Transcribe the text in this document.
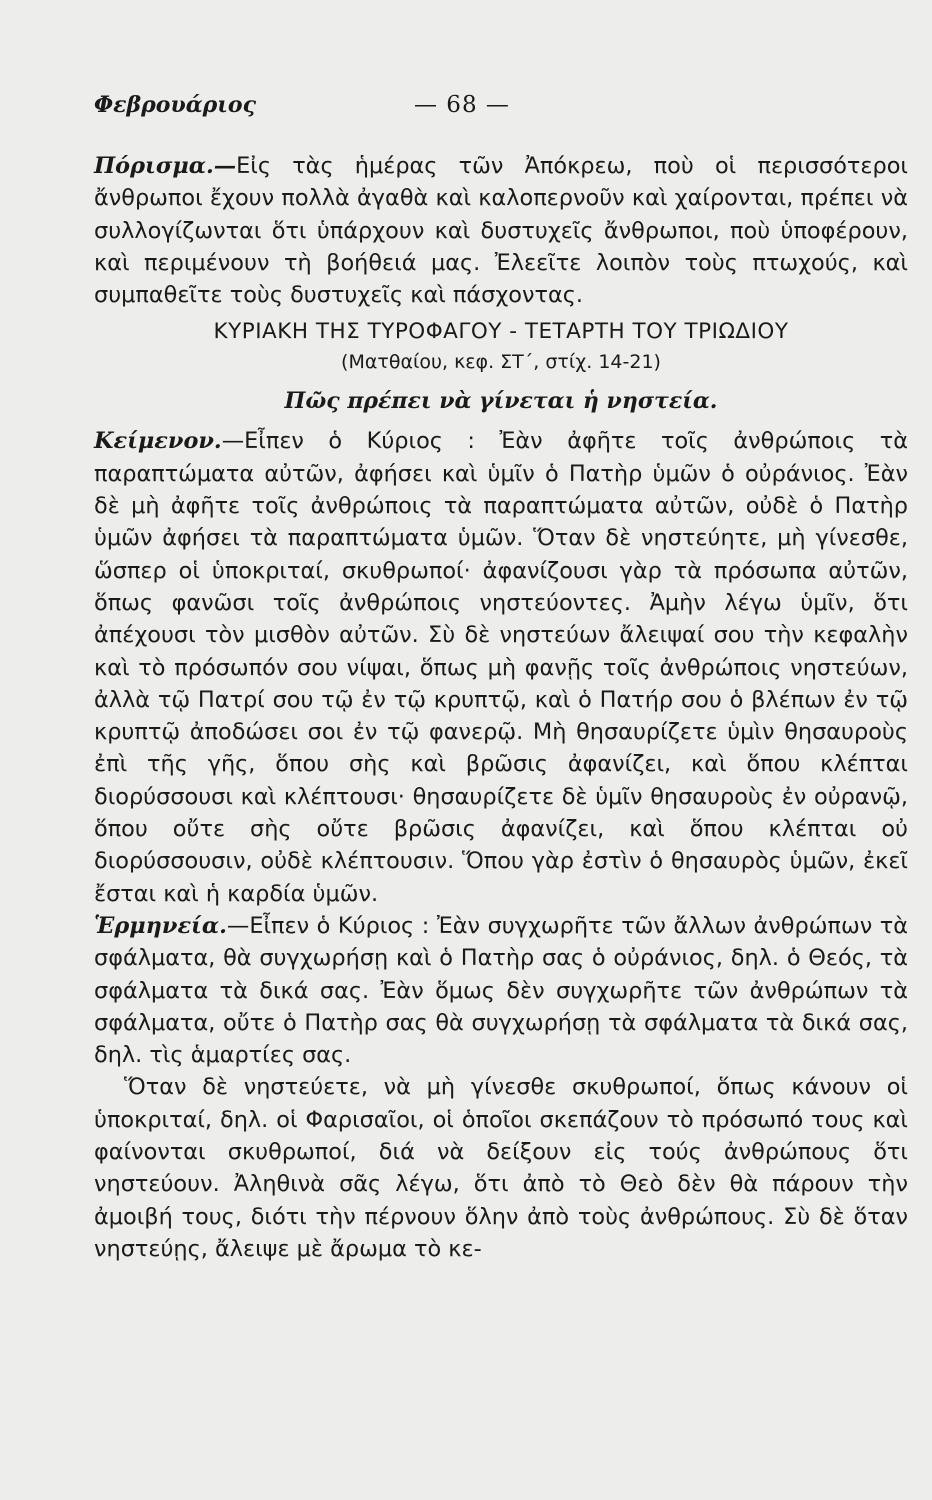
Φεβρουάριος	— 68 —

Πόρισμα.—Εἰς τὰς ἡμέρας τῶν Ἀπόκρεω, ποὺ οἱ περισσότεροι ἄνθρωποι ἔχουν πολλὰ ἀγαθὰ καὶ καλοπερνοῦν καὶ χαίρονται, πρέπει νὰ συλλογίζωνται ὅτι ὑπάρχουν καὶ δυστυχεῖς ἄνθρωποι, ποὺ ὑποφέρουν, καὶ περιμένουν τὴ βοήθειά μας. Ἐλεεῖτε λοιπὸν τοὺς πτωχούς, καὶ συμπαθεῖτε τοὺς δυστυχεῖς καὶ πάσχοντας.

ΚΥΡΙΑΚΗ ΤΗΣ ΤΥΡΟΦΑΓΟΥ - ΤΕΤΑΡΤΗ ΤΟΥ ΤΡΙΩΔΙΟΥ

(Ματθαίου, κεφ. ΣΤ΄, στίχ. 14-21)

Πῶς πρέπει νὰ γίνεται ἡ νηστεία.

Κείμενον.—Εἶπεν ὁ Κύριος : Ἐὰν ἀφῆτε τοῖς ἀνθρώποις τὰ παραπτώματα αὐτῶν, ἀφήσει καὶ ὑμῖν ὁ Πατὴρ ὑμῶν ὁ οὐράνιος. Ἐὰν δὲ μὴ ἀφῆτε τοῖς ἀνθρώποις τὰ παραπτώματα αὐτῶν, οὐδὲ ὁ Πατὴρ ὑμῶν ἀφήσει τὰ παραπτώματα ὑμῶν. Ὅταν δὲ νηστεύητε, μὴ γίνεσθε, ὥσπερ οἱ ὑποκριταί, σκυθρωποί· ἀφανίζουσι γὰρ τὰ πρόσωπα αὐτῶν, ὅπως φανῶσι τοῖς ἀνθρώποις νηστεύοντες. Ἀμὴν λέγω ὑμῖν, ὅτι ἀπέχουσι τὸν μισθὸν αὐτῶν. Σὺ δὲ νηστεύων ἄλειψαί σου τὴν κεφαλὴν καὶ τὸ πρόσωπόν σου νίψαι, ὅπως μὴ φανῇς τοῖς ἀνθρώποις νηστεύων, ἀλλὰ τῷ Πατρί σου τῷ ἐν τῷ κρυπτῷ, καὶ ὁ Πατήρ σου ὁ βλέπων ἐν τῷ κρυπτῷ ἀποδώσει σοι ἐν τῷ φανερῷ. Μὴ θησαυρίζετε ὑμὶν θησαυροὺς ἐπὶ τῆς γῆς, ὅπου σὴς καὶ βρῶσις ἀφανίζει, καὶ ὅπου κλέπται διορύσσουσι καὶ κλέπτουσι· θησαυρίζετε δὲ ὑμῖν θησαυροὺς ἐν οὐρανῷ, ὅπου οὔτε σὴς οὔτε βρῶσις ἀφανίζει, καὶ ὅπου κλέπται οὐ διορύσσουσιν, οὐδὲ κλέπτουσιν. Ὅπου γὰρ ἐστὶν ὁ θησαυρὸς ὑμῶν, ἐκεῖ ἔσται καὶ ἡ καρδία ὑμῶν.

Ἑρμηνεία.—Εἶπεν ὁ Κύριος : Ἐὰν συγχωρῆτε τῶν ἄλλων ἀνθρώπων τὰ σφάλματα, θὰ συγχωρήσῃ καὶ ὁ Πατὴρ σας ὁ οὐράνιος, δηλ. ὁ Θεός, τὰ σφάλματα τὰ δικά σας. Ἐὰν ὅμως δὲν συγχωρῆτε τῶν ἀνθρώπων τὰ σφάλματα, οὔτε ὁ Πατὴρ σας θὰ συγχωρήσῃ τὰ σφάλματα τὰ δικά σας, δηλ. τὶς ἁμαρτίες σας.

Ὅταν δὲ νηστεύετε, νὰ μὴ γίνεσθε σκυθρωποί, ὅπως κάνουν οἱ ὑποκριταί, δηλ. οἱ Φαρισαῖοι, οἱ ὁποῖοι σκεπάζουν τὸ πρόσωπό τους καὶ φαίνονται σκυθρωποί, διά νὰ δείξουν εἰς τούς ἀνθρώπους ὅτι νηστεύουν. Ἀληθινὰ σᾶς λέγω, ὅτι ἀπὸ τὸ Θεὸ δὲν θὰ πάρουν τὴν ἀμοιβή τους, διότι τὴν πέρνουν ὅλην ἀπὸ τοὺς ἀνθρώπους. Σὺ δὲ ὅταν νηστεύῃς, ἄλειψε μὲ ἄρωμα τὸ κε-
